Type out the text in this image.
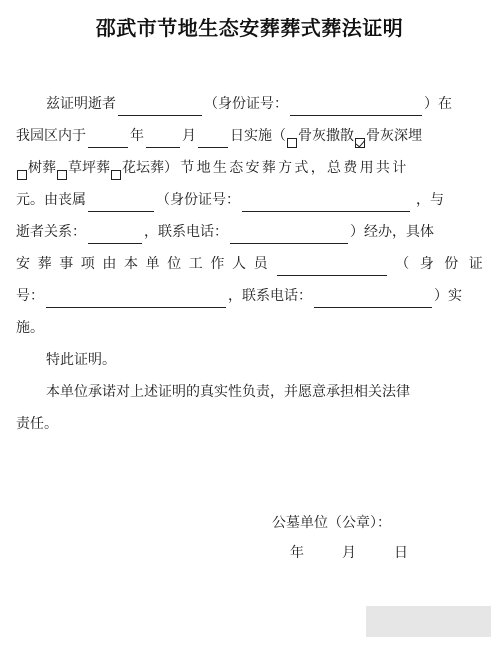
邵武市节地生态安葬葬式葬法证明
兹证明逝者	（身份证号：	）在
我园区内于	年	月 日实施（ 骨灰撒散 骨灰深埋
树葬 草坪葬 花坛葬）节地生态安葬方式，总费用共计
元。由丧属	（身份证号：	，与
逝者关系：	，联系电话：	）经办，具体
安葬事项由本单位工作人员	（身份证
号：	，联系电话：	）实
施。
特此证明。
本单位承诺对上述证明的真实性负责，并愿意承担相关法律
责任。
公墓单位（公章）：
年	月	日
